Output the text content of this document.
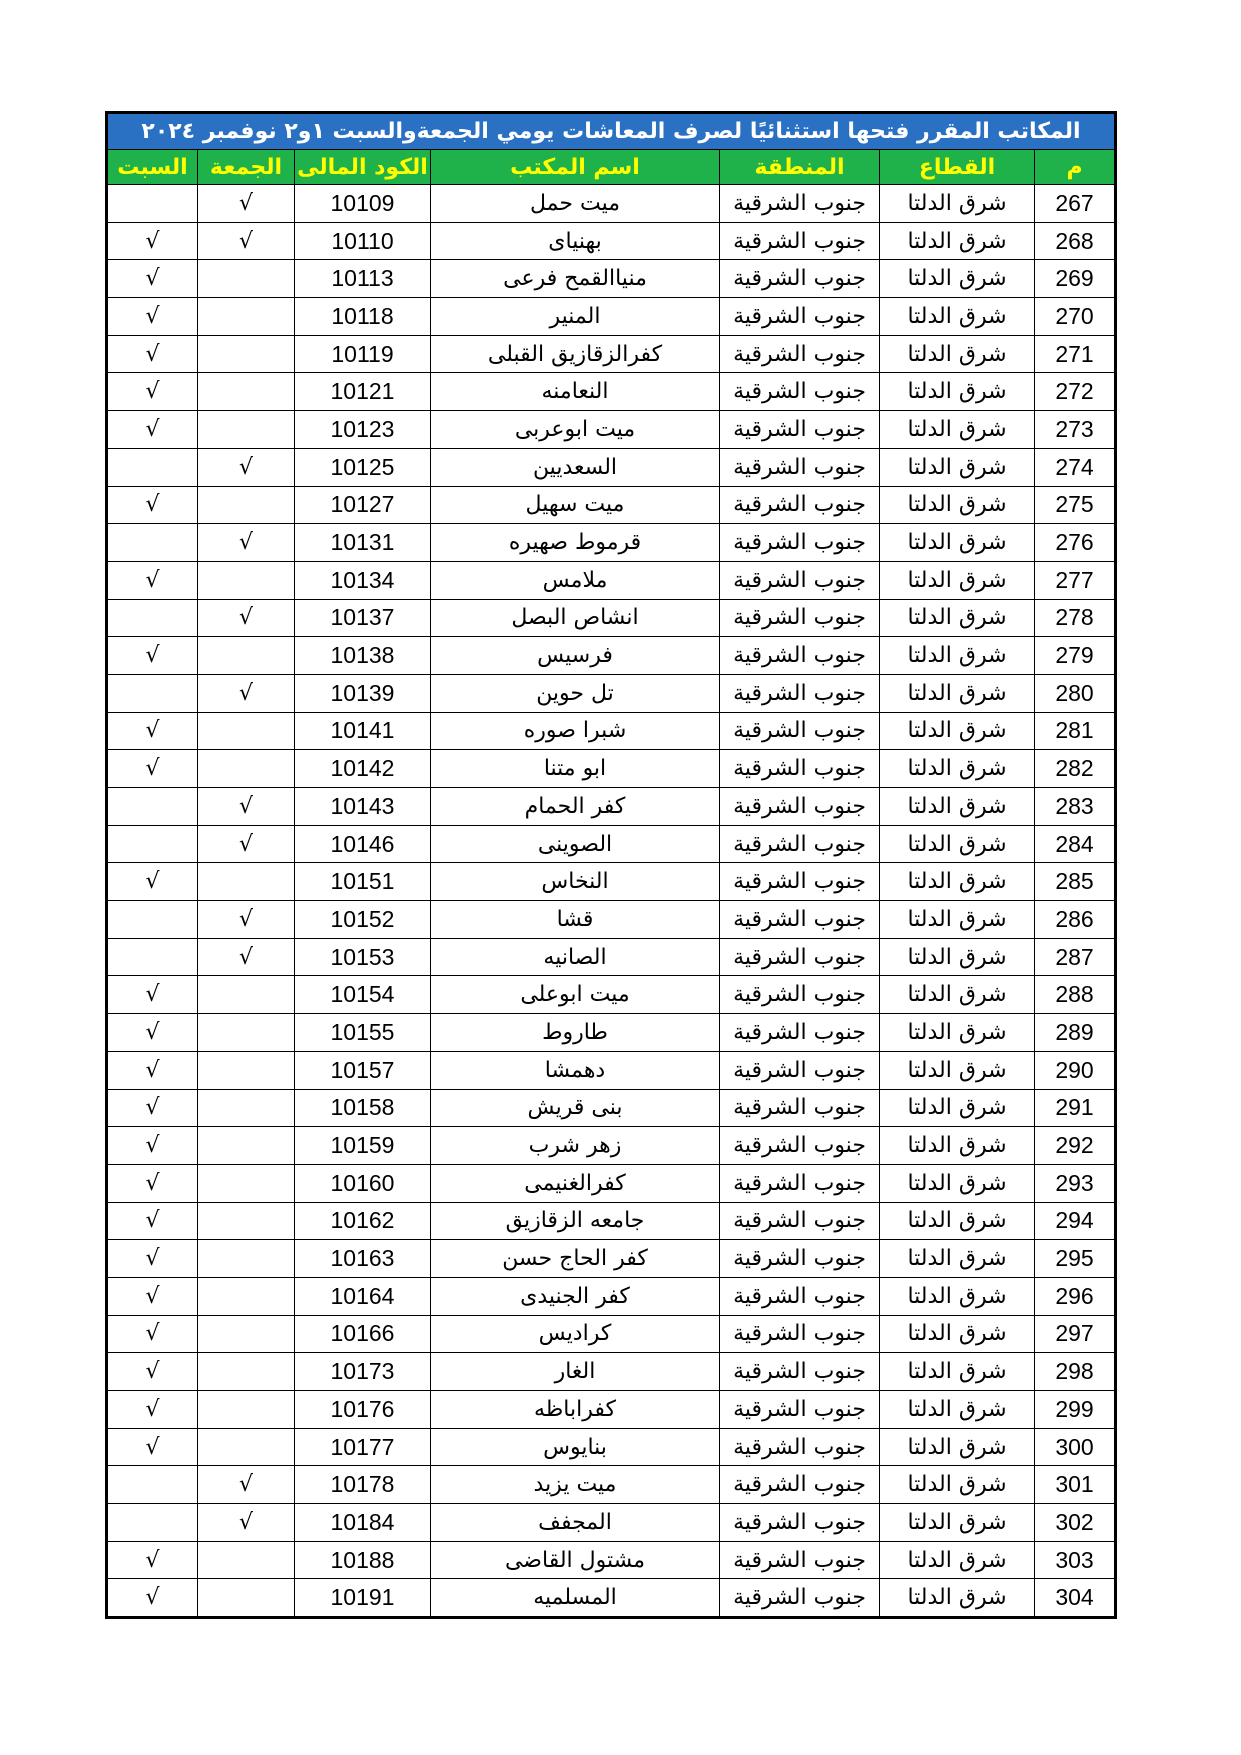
المكاتب المقرر فتحها استثنائيًا لصرف المعاشات يومي الجمعةوالسبت ١و٢ نوفمبر ٢٠٢٤						
م	القطاع	المنطقة	اسم المكتب	الكود المالى	الجمعة	السبت
267	شرق الدلتا	جنوب الشرقية	ميت حمل	10109	√	
268	شرق الدلتا	جنوب الشرقية	بهنياى	10110	√	√
269	شرق الدلتا	جنوب الشرقية	منياالقمح فرعى	10113		√
270	شرق الدلتا	جنوب الشرقية	المنير	10118		√
271	شرق الدلتا	جنوب الشرقية	كفرالزقازيق القبلى	10119		√
272	شرق الدلتا	جنوب الشرقية	النعامنه	10121		√
273	شرق الدلتا	جنوب الشرقية	ميت ابوعربى	10123		√
274	شرق الدلتا	جنوب الشرقية	السعديين	10125	√	
275	شرق الدلتا	جنوب الشرقية	ميت سهيل	10127		√
276	شرق الدلتا	جنوب الشرقية	قرموط صهيره	10131	√	
277	شرق الدلتا	جنوب الشرقية	ملامس	10134		√
278	شرق الدلتا	جنوب الشرقية	انشاص البصل	10137	√	
279	شرق الدلتا	جنوب الشرقية	فرسيس	10138		√
280	شرق الدلتا	جنوب الشرقية	تل حوين	10139	√	
281	شرق الدلتا	جنوب الشرقية	شبرا صوره	10141		√
282	شرق الدلتا	جنوب الشرقية	ابو متنا	10142		√
283	شرق الدلتا	جنوب الشرقية	كفر الحمام	10143	√	
284	شرق الدلتا	جنوب الشرقية	الصوينى	10146	√	
285	شرق الدلتا	جنوب الشرقية	النخاس	10151		√
286	شرق الدلتا	جنوب الشرقية	قشا	10152	√	
287	شرق الدلتا	جنوب الشرقية	الصانيه	10153	√	
288	شرق الدلتا	جنوب الشرقية	ميت ابوعلى	10154		√
289	شرق الدلتا	جنوب الشرقية	طاروط	10155		√
290	شرق الدلتا	جنوب الشرقية	دهمشا	10157		√
291	شرق الدلتا	جنوب الشرقية	بنى قريش	10158		√
292	شرق الدلتا	جنوب الشرقية	زهر شرب	10159		√
293	شرق الدلتا	جنوب الشرقية	كفرالغنيمى	10160		√
294	شرق الدلتا	جنوب الشرقية	جامعه الزقازيق	10162		√
295	شرق الدلتا	جنوب الشرقية	كفر الحاج حسن	10163		√
296	شرق الدلتا	جنوب الشرقية	كفر الجنيدى	10164		√
297	شرق الدلتا	جنوب الشرقية	كراديس	10166		√
298	شرق الدلتا	جنوب الشرقية	الغار	10173		√
299	شرق الدلتا	جنوب الشرقية	كفراباظه	10176		√
300	شرق الدلتا	جنوب الشرقية	بنايوس	10177		√
301	شرق الدلتا	جنوب الشرقية	ميت يزيد	10178	√	
302	شرق الدلتا	جنوب الشرقية	المجفف	10184	√	
303	شرق الدلتا	جنوب الشرقية	مشتول القاضى	10188		√
304	شرق الدلتا	جنوب الشرقية	المسلميه	10191		√
